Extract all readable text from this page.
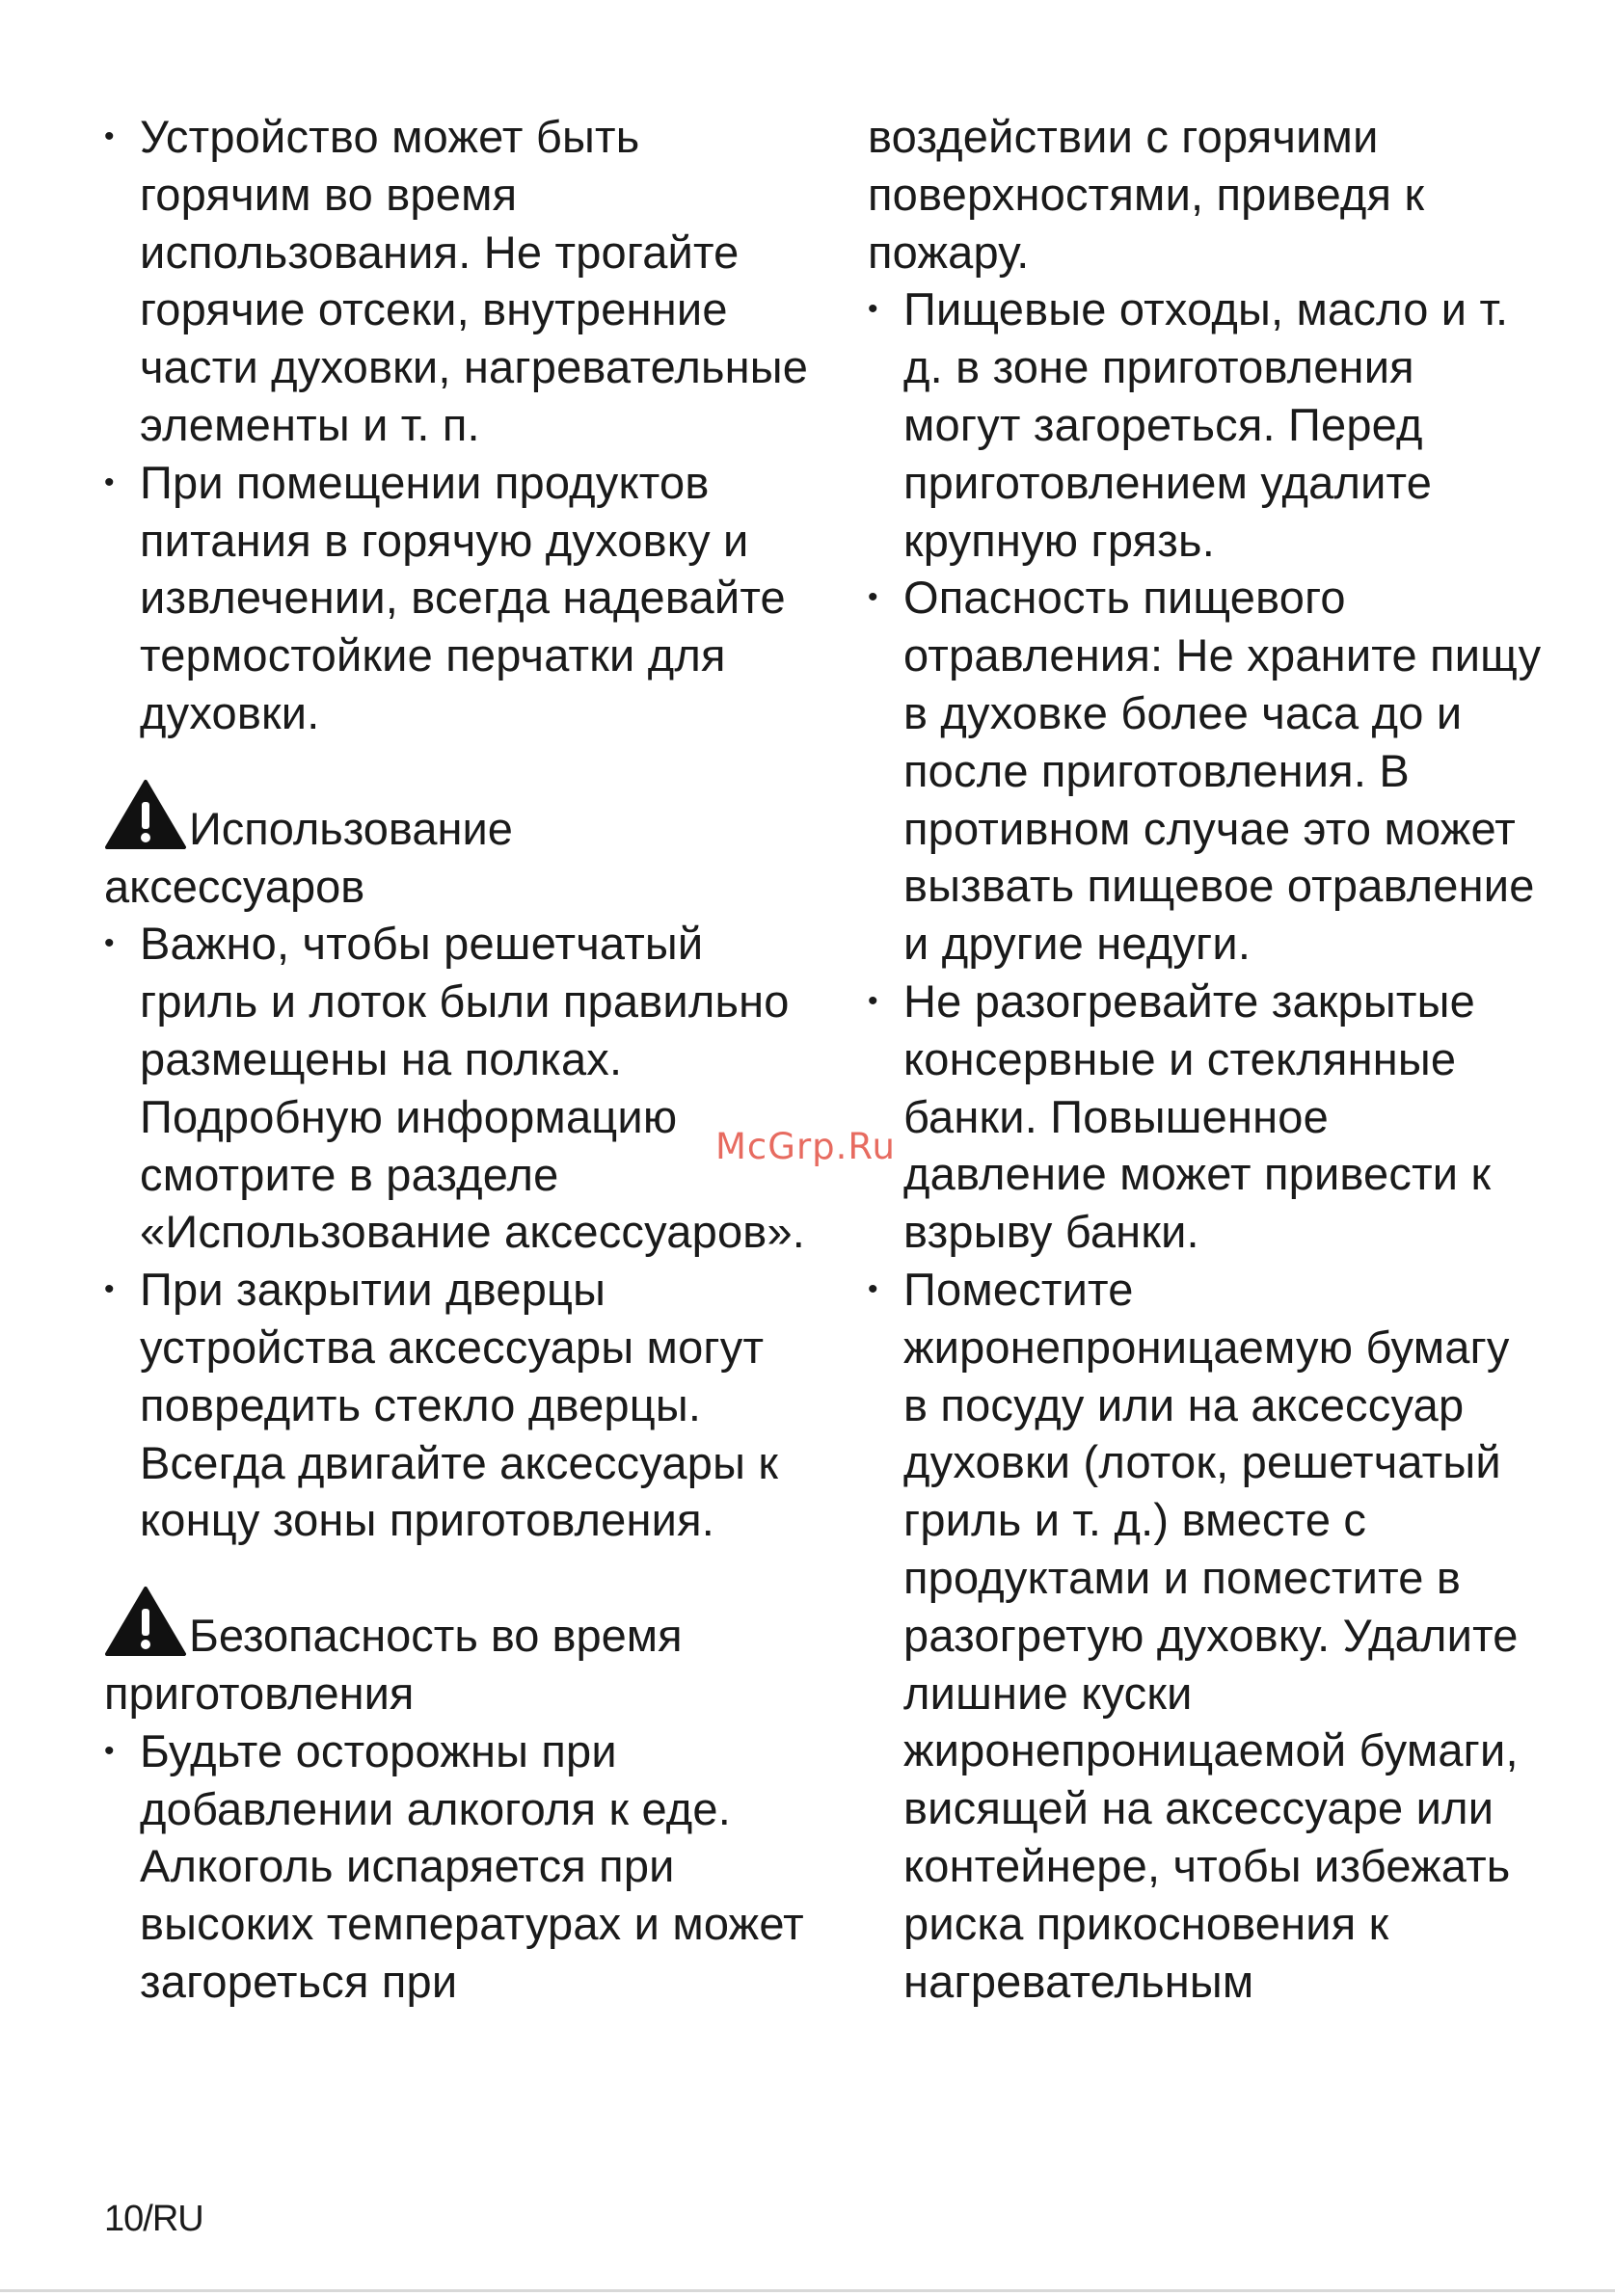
• Устройство может быть горячим во время использования. Не трогайте горячие отсеки, внутренние части духовки, нагревательные элементы и т. п.
• При помещении продуктов питания в горячую духовку и извлечении, всегда надевайте термостойкие перчатки для духовки.
Использование
аксессуаров
• Важно, чтобы решетчатый гриль и лоток были правильно размещены на полках. Подробную информацию смотрите в разделе «Использование аксессуаров».
• При закрытии дверцы устройства аксессуары могут повредить стекло дверцы. Всегда двигайте аксессуары к концу зоны приготовления.
Безопасность во время
приготовления
• Будьте осторожны при добавлении алкоголя к еде. Алкоголь испаряется при высоких температурах и может загореться при

воздействии с горячими поверхностями, приведя к пожару.

• Пищевые отходы, масло и т. д. в зоне приготовления могут загореться. Перед приготовлением удалите крупную грязь.
• Опасность пищевого отравления: Не храните пищу в духовке более часа до и после приготовления. В противном случае это может вызвать пищевое отравление и другие недуги.
• Не разогревайте закрытые консервные и стеклянные банки. Повышенное давление может привести к взрыву банки.
• Поместите жиронепроницаемую бумагу в посуду или на аксессуар духовки (лоток, решетчатый гриль и т. д.) вместе с продуктами и поместите в разогретую духовку. Удалите лишние куски жиронепроницаемой бумаги, висящей на аксессуаре или контейнере, чтобы избежать риска прикосновения к нагревательным
McGrp.Ru
10/RU
